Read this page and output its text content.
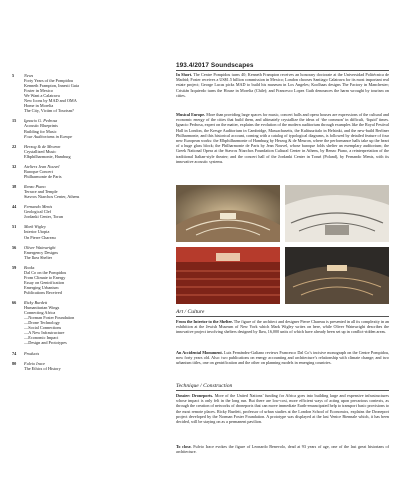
193.4/2017 Soundscapes
5 News
Forty Years of the Pompidou
Kenneth Frampton, Innesti Guia
Foster in Mexico
We Want a Calatrava
New Icons by MAD and OMA
Home in Morelia
The City, Victim of Tourism?
15 Ignacio G. Pedrosa
Acoustic Blueprints
Building for Music
Four Auditoriums in Europe
22 Herzog & de Meuron
Crystallized Music
Elbphilharmonie, Hamburg
32 Ateliers Jean Nouvel
Baroque Concert
Philharmonie de Paris
38 Renzo Piano
Terrace and Temple
Stavros Niarchos Center, Athens
44 Fernando Menis
Geological Clef
Jordanki Center, Torun
51 Mark Wigley
Interior Utopia
On Pierre Chareau
56 Oliver Wainwright
Emergency Designs
The Ikea Shelter
59 Books
Dal Co on the Pompidou
From Climate to Energy
Essay on Gentrification
Emerging Urbanism
Publications Received
66 Ricky Burdett
Humanitarian Wings
Connecting Africa
—Norman Foster Foundation
—Drone Technology
—Social Connections
—A New Infrastructure
—Economic Impact
—Design and Prototypes
74 Products
80 Fulvio Irace
The Ethics of History

In Short. The Centre Pompidou turns 40; Kenneth Frampton receives an honorary doctorate at the Universidad Politécnica de Madrid; Foster receives a US$1.5 billion commission in Mexico; London chooses Santiago Calatrava for its most important real estate project; George Lucas picks MAD to build his museum in Los Angeles; Koolhaas designs The Factory in Manchester; Cristián Izquierdo turns the House in Morelia (Chile); and Francesco Lopez Guth denounces the harm wrought by tourism on cities.

Musical Europe. More than providing large spaces for music, concert halls and opera houses are expressions of the cultural and economic energy of the cities that build them, and ultimately crystallize the ideas of ‘the common’ in difficult, ‘liquid’ times. Ignacio Pedrosa, expert on the matter, explains the evolution of the modern auditorium through examples like the Royal Festival Hall in London, the Kresge Auditorium in Cambridge, Massachusetts, the Kulttuuritalo in Helsinki, and the new-build Berliner Philharmonie, and this historical account, coming with a catalog of typological diagrams, is followed by detailed feature of four new European works: the Elbphilharmonie of Hamburg by Herzog & de Meuron, where the performance halls take up the heart of a huge glass block; the Philharmonie de Paris by Jean Nouvel, whose baroque folds shelter an exemplary auditorium; the Greek National Opera at the Stavros Niarchos Foundation Cultural Center in Athens, by Renzo Piano, a reinterpretation of the traditional Italian-style theater; and the concert hall of the Jordanki Center in Toruń (Poland), by Fernando Menis, with its innovative acoustic systems.

Art / Culture

From the Interior to the Shelter. The figure of the architect and designer Pierre Chareau is presented in all its complexity in an exhibition at the Jewish Museum of New York which Mark Wigley writes on here, while Oliver Wainwright describes the innovative project involving shelters designed by Ikea, 16,000 units of which have already been set up in conflict-ridden areas.

An Accidental Monument. Luis Fernández-Galiano reviews Francesco Dal Co’s incisive monograph on the Centre Pompidou, now forty years old. Also: two publications on energy accounting and architecture’s relationship with climate change; and two urbanism titles, one on gentrification and the other on planning models in emerging countries.

Technique / Construction

Dossier: Droneports. More of the United Nations’ funding for Africa goes into building large and expensive infrastructures whose impact is only felt in the long run. But there are low-cost, more efficient ways of acting upon precarious contexts, as through the creation of networks of droneports that can move immediate Earth-emancipated help to transport basic provisions to the most remote places. Ricky Burdett, professor of urban studies at the London School of Economics, explains the Droneport project developed by the Norman Foster Foundation. A prototype was displayed at the last Venice Biennale which, it has been decided, will be staying on as a permanent pavilion.

To close. Fulvio Irace evokes the figure of Leonardo Benevolo, dead at 93 years of age, one of the last great historians of architecture.
